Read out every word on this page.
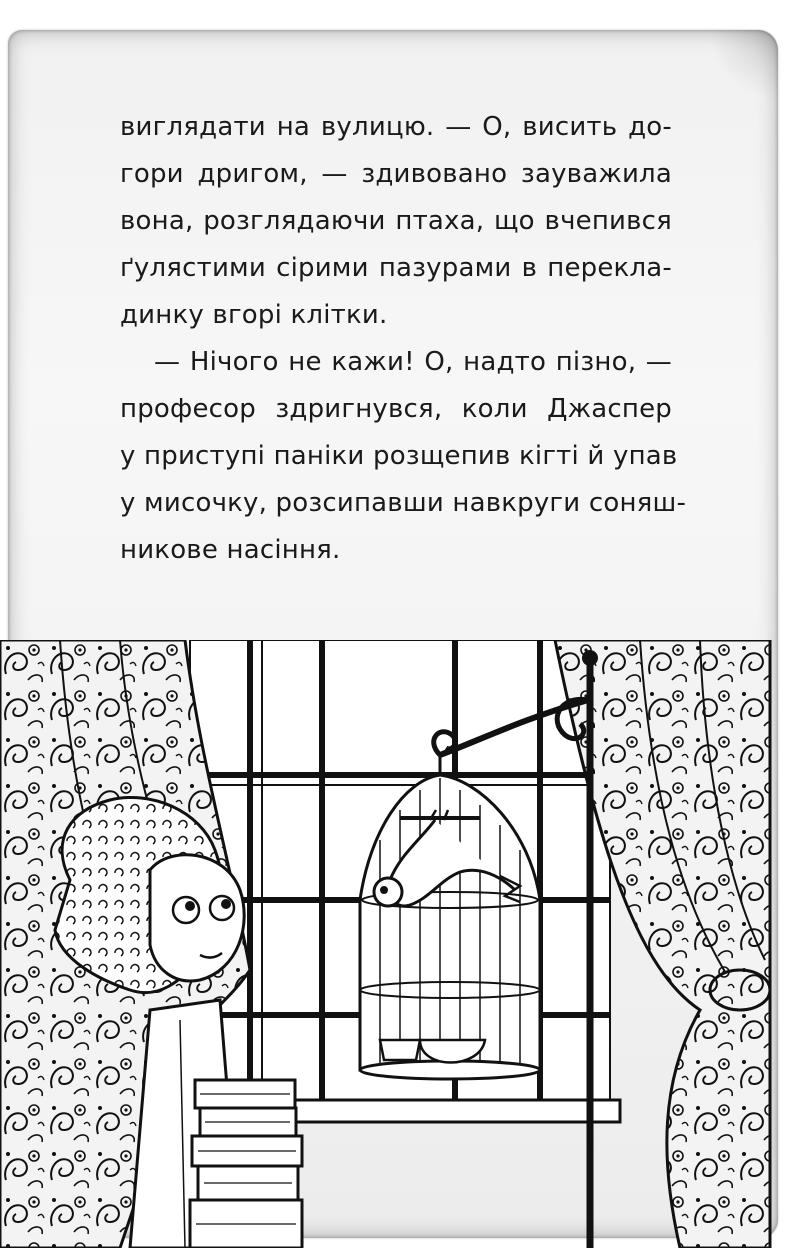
виглядати на вулицю. — О, висить до-
гори дригом, — здивовано зауважила
вона, розглядаючи птаха, що вчепився
ґулястими сірими пазурами в перекла-
динку вгорі клітки.
— Нічого не кажи! О, надто пізно, —
професор здригнувся, коли Джаспер
у приступі паніки розщепив кігті й упав
у мисочку, розсипавши навкруги соняш-
никове насіння.
